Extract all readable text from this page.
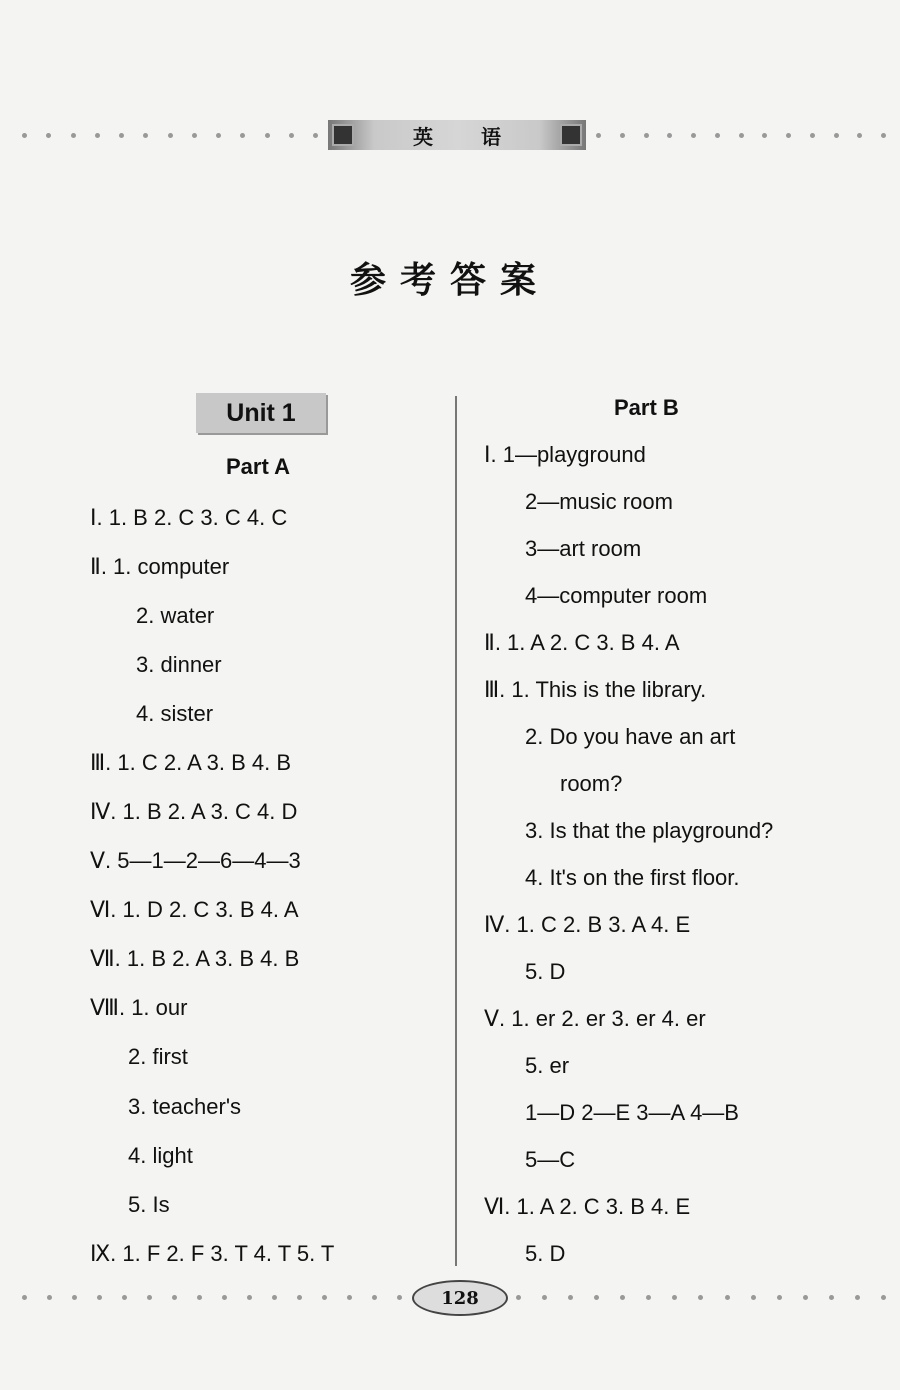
英 语
参考答案
Unit 1
Part A
Ⅰ. 1. B 2. C 3. C 4. C
Ⅱ. 1. computer
2. water
3. dinner
4. sister
Ⅲ. 1. C 2. A 3. B 4. B
Ⅳ. 1. B 2. A 3. C 4. D
Ⅴ. 5—1—2—6—4—3
Ⅵ. 1. D 2. C 3. B 4. A
Ⅶ. 1. B 2. A 3. B 4. B
Ⅷ. 1. our
2. first
3. teacher's
4. light
5. Is
Ⅸ. 1. F 2. F 3. T 4. T 5. T
Part B
Ⅰ. 1—playground
2—music room
3—art room
4—computer room
Ⅱ. 1. A 2. C 3. B 4. A
Ⅲ. 1. This is the library.
2. Do you have an art
room?
3. Is that the playground?
4. It's on the first floor.
Ⅳ. 1. C 2. B 3. A 4. E
5. D
Ⅴ. 1. er 2. er 3. er 4. er
5. er
1—D 2—E 3—A 4—B
5—C
Ⅵ. 1. A 2. C 3. B 4. E
5. D
128
